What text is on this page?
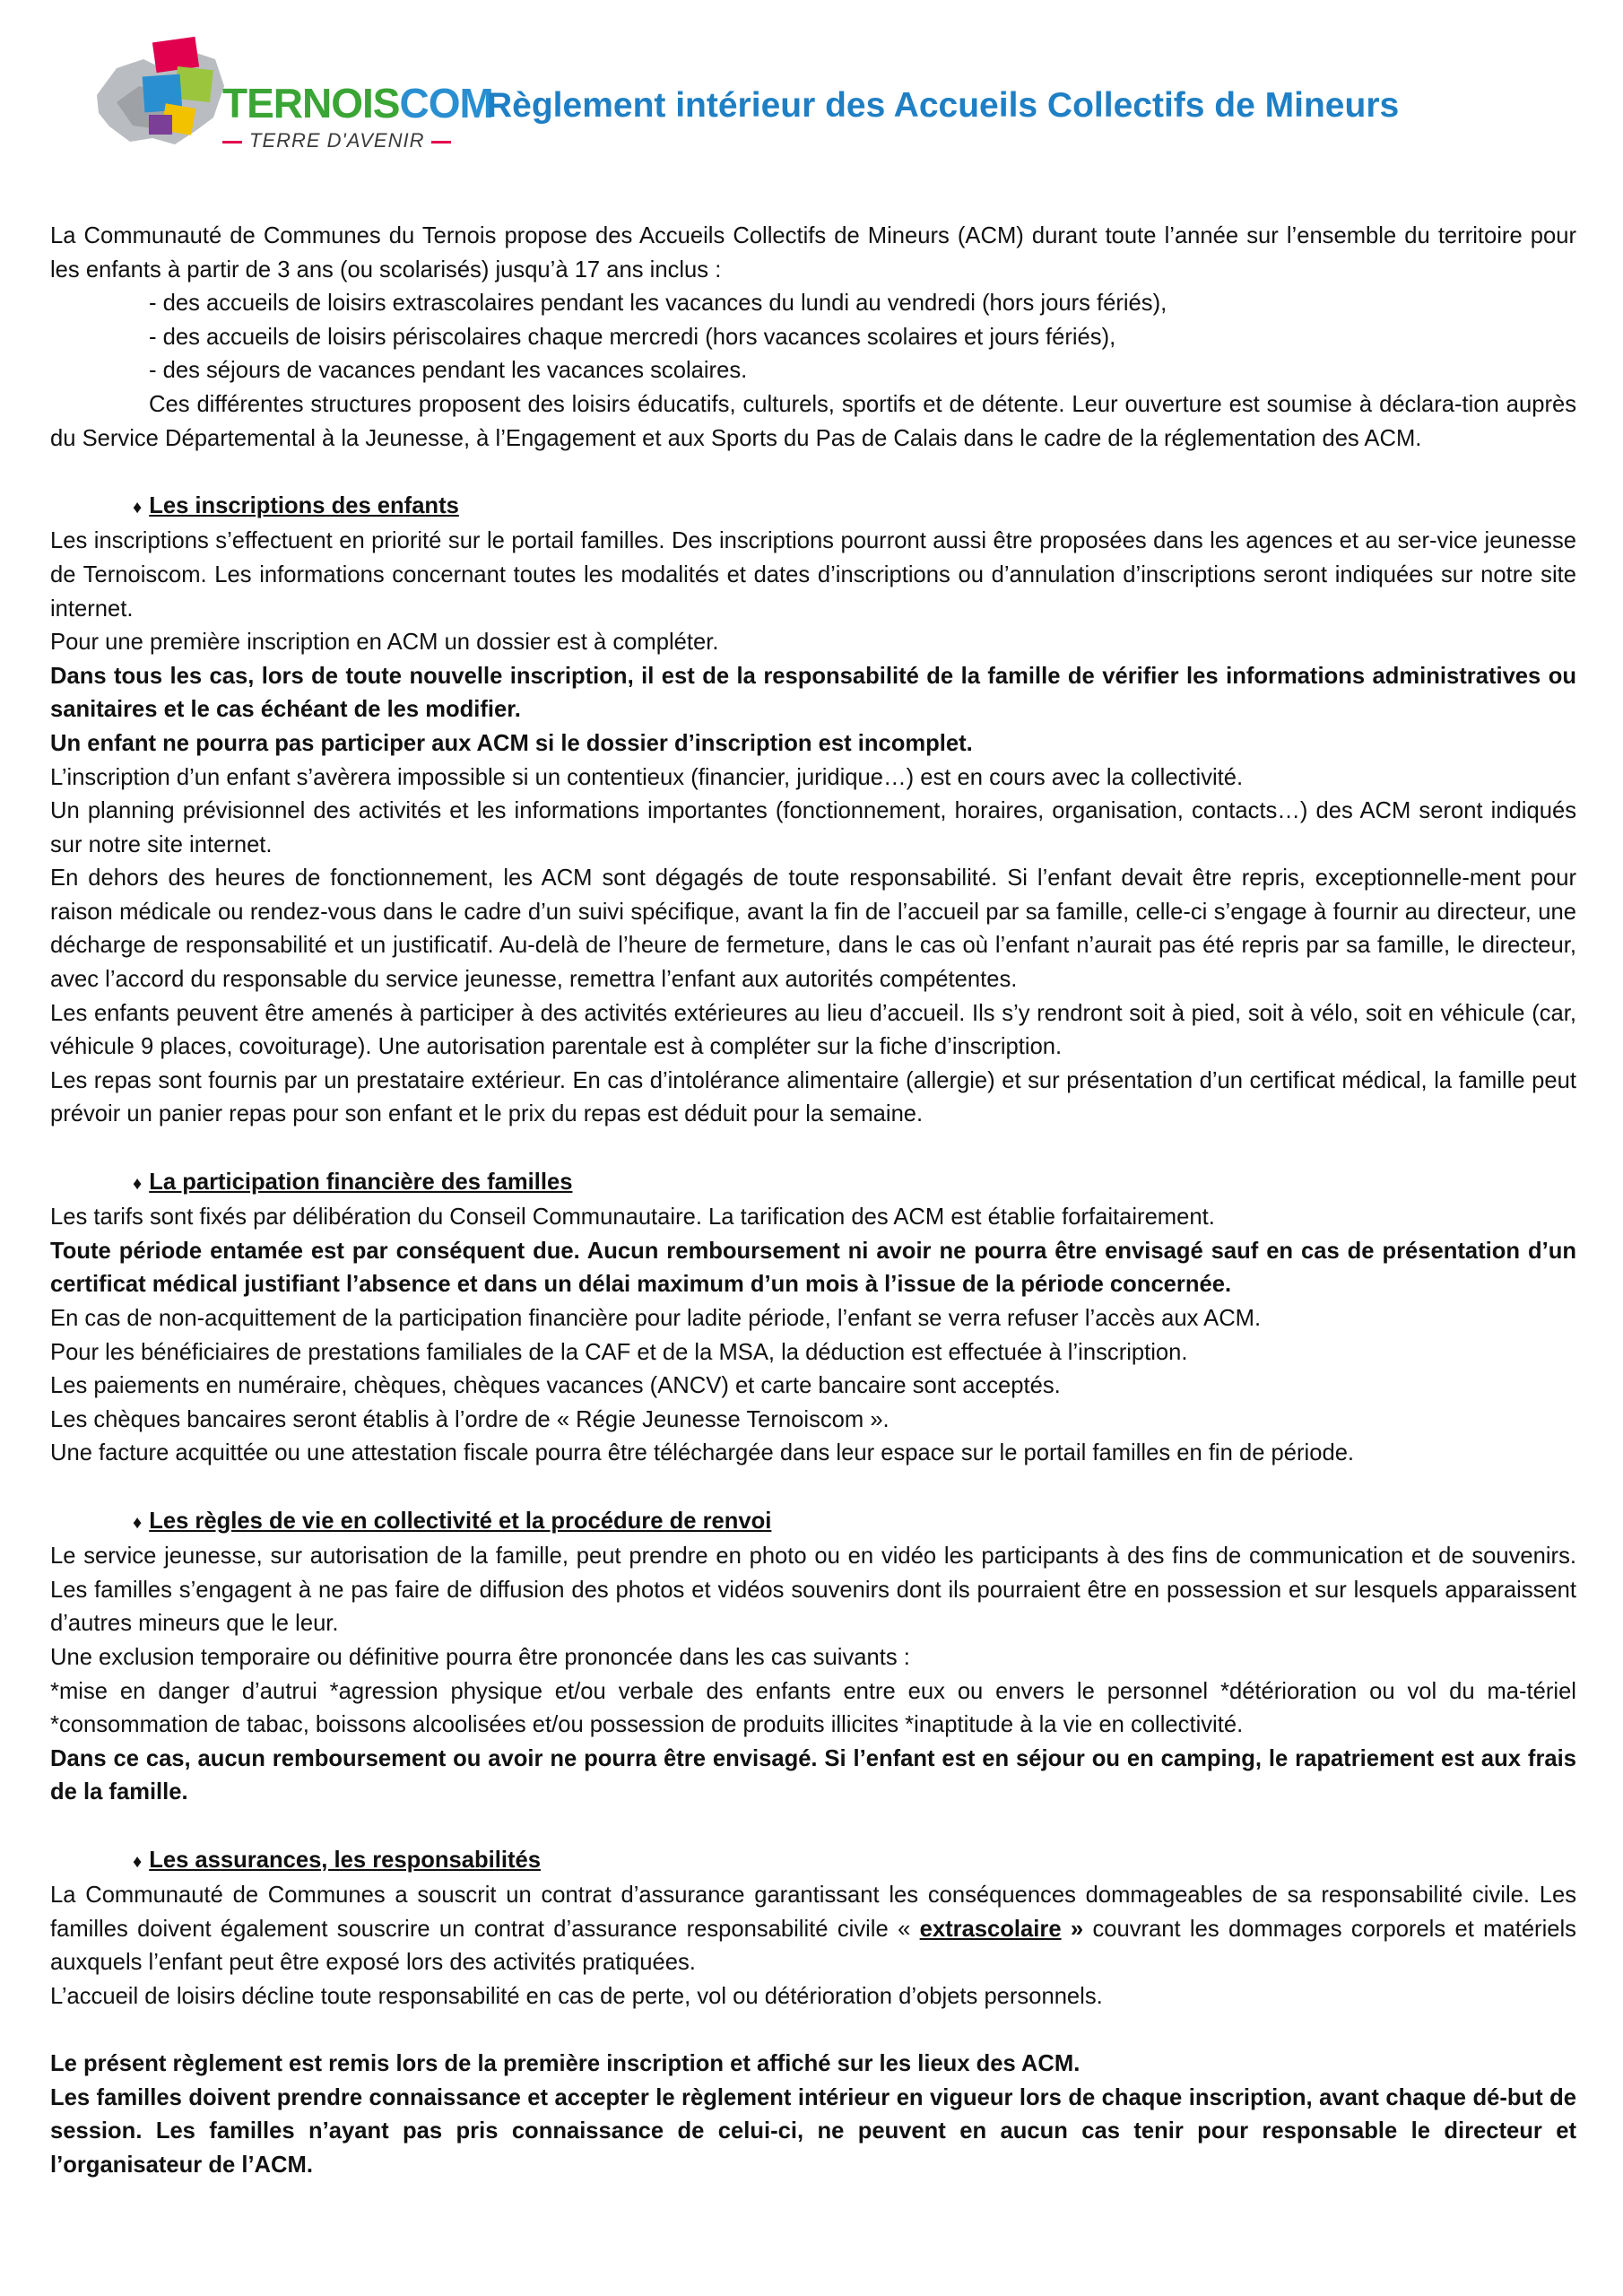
TERNOISCOM
TERRE D'AVENIR
Règlement intérieur des Accueils Collectifs de Mineurs

La Communauté de Communes du Ternois propose des Accueils Collectifs de Mineurs (ACM) durant toute l’année sur l’ensemble du territoire pour les enfants à partir de 3 ans (ou scolarisés) jusqu’à 17 ans inclus :

- des accueils de loisirs extrascolaires pendant les vacances du lundi au vendredi (hors jours fériés),

- des accueils de loisirs périscolaires chaque mercredi (hors vacances scolaires et jours fériés),

- des séjours de vacances pendant les vacances scolaires.

Ces différentes structures proposent des loisirs éducatifs, culturels, sportifs et de détente. Leur ouverture est soumise à déclara-tion auprès du Service Départemental à la Jeunesse, à l’Engagement et aux Sports du Pas de Calais dans le cadre de la réglementation des ACM.

♦ Les inscriptions des enfants

Les inscriptions s’effectuent en priorité sur le portail familles. Des inscriptions pourront aussi être proposées dans les agences et au ser-vice jeunesse de Ternoiscom. Les informations concernant toutes les modalités et dates d’inscriptions ou d’annulation d’inscriptions seront indiquées sur notre site internet.

Pour une première inscription en ACM un dossier est à compléter.

Dans tous les cas, lors de toute nouvelle inscription, il est de la responsabilité de la famille de vérifier les informations administratives ou sanitaires et le cas échéant de les modifier.

Un enfant ne pourra pas participer aux ACM si le dossier d’inscription est incomplet.

L’inscription d’un enfant s’avèrera impossible si un contentieux (financier, juridique…) est en cours avec la collectivité.

Un planning prévisionnel des activités et les informations importantes (fonctionnement, horaires, organisation, contacts…) des ACM seront indiqués sur notre site internet.

En dehors des heures de fonctionnement, les ACM sont dégagés de toute responsabilité. Si l’enfant devait être repris, exceptionnelle-ment pour raison médicale ou rendez-vous dans le cadre d’un suivi spécifique, avant la fin de l’accueil par sa famille, celle-ci s’engage à fournir au directeur, une décharge de responsabilité et un justificatif. Au-delà de l’heure de fermeture, dans le cas où l’enfant n’aurait pas été repris par sa famille, le directeur, avec l’accord du responsable du service jeunesse, remettra l’enfant aux autorités compétentes.

Les enfants peuvent être amenés à participer à des activités extérieures au lieu d’accueil. Ils s’y rendront soit à pied, soit à vélo, soit en véhicule (car, véhicule 9 places, covoiturage). Une autorisation parentale est à compléter sur la fiche d’inscription.

Les repas sont fournis par un prestataire extérieur. En cas d’intolérance alimentaire (allergie) et sur présentation d’un certificat médical, la famille peut prévoir un panier repas pour son enfant et le prix du repas est déduit pour la semaine.

♦ La participation financière des familles

Les tarifs sont fixés par délibération du Conseil Communautaire. La tarification des ACM est établie forfaitairement.

Toute période entamée est par conséquent due. Aucun remboursement ni avoir ne pourra être envisagé sauf en cas de présentation d’un certificat médical justifiant l’absence et dans un délai maximum d’un mois à l’issue de la période concernée.

En cas de non-acquittement de la participation financière pour ladite période, l’enfant se verra refuser l’accès aux ACM.

Pour les bénéficiaires de prestations familiales de la CAF et de la MSA, la déduction est effectuée à l’inscription.

Les paiements en numéraire, chèques, chèques vacances (ANCV) et carte bancaire sont acceptés.

Les chèques bancaires seront établis à l’ordre de « Régie Jeunesse Ternoiscom ».

Une facture acquittée ou une attestation fiscale pourra être téléchargée dans leur espace sur le portail familles en fin de période.

♦ Les règles de vie en collectivité et la procédure de renvoi

Le service jeunesse, sur autorisation de la famille, peut prendre en photo ou en vidéo les participants à des fins de communication et de souvenirs. Les familles s’engagent à ne pas faire de diffusion des photos et vidéos souvenirs dont ils pourraient être en possession et sur lesquels apparaissent d’autres mineurs que le leur.

Une exclusion temporaire ou définitive pourra être prononcée dans les cas suivants :

*mise en danger d’autrui *agression physique et/ou verbale des enfants entre eux ou envers le personnel *détérioration ou vol du ma-tériel *consommation de tabac, boissons alcoolisées et/ou possession de produits illicites *inaptitude à la vie en collectivité.

Dans ce cas, aucun remboursement ou avoir ne pourra être envisagé. Si l’enfant est en séjour ou en camping, le rapatriement est aux frais de la famille.

♦ Les assurances, les responsabilités

La Communauté de Communes a souscrit un contrat d’assurance garantissant les conséquences dommageables de sa responsabilité civile. Les familles doivent également souscrire un contrat d’assurance responsabilité civile « extrascolaire » couvrant les dommages corporels et matériels auxquels l’enfant peut être exposé lors des activités pratiquées.

L’accueil de loisirs décline toute responsabilité en cas de perte, vol ou détérioration d’objets personnels.

Le présent règlement est remis lors de la première inscription et affiché sur les lieux des ACM.

Les familles doivent prendre connaissance et accepter le règlement intérieur en vigueur lors de chaque inscription, avant chaque dé-but de session. Les familles n’ayant pas pris connaissance de celui-ci, ne peuvent en aucun cas tenir pour responsable le directeur et l’organisateur de l’ACM.
